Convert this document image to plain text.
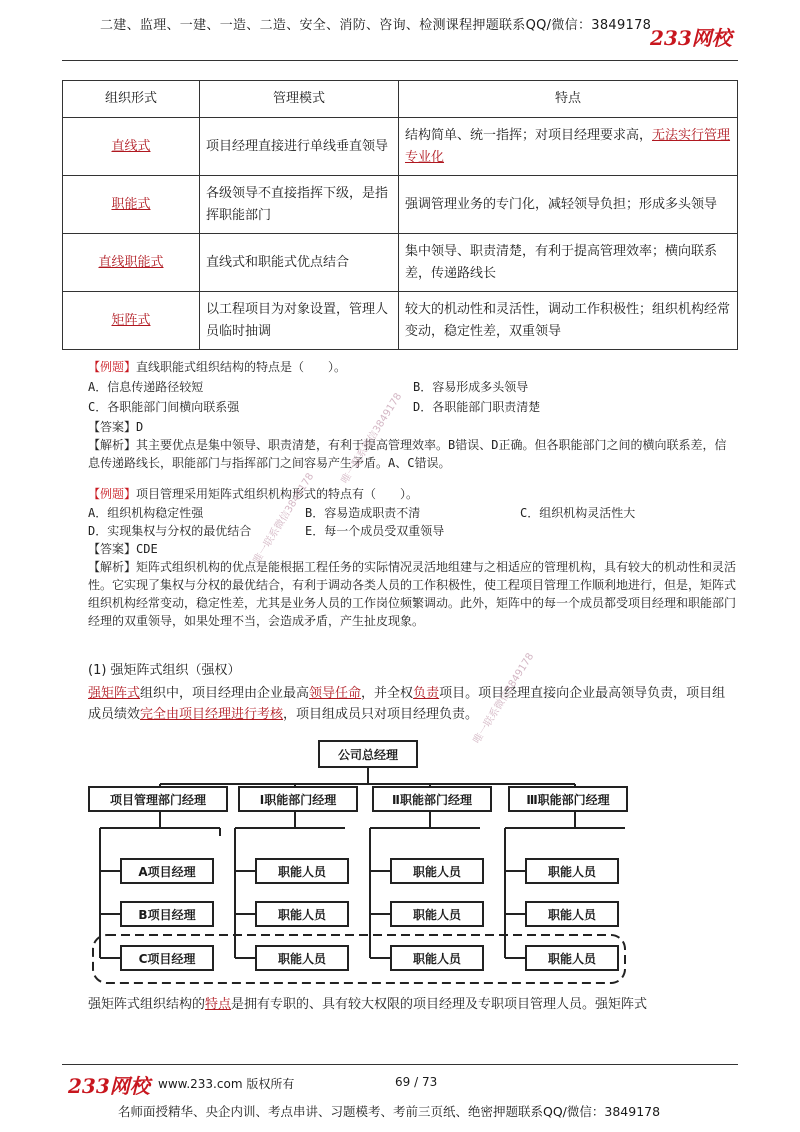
二建、监理、一建、一造、二造、安全、消防、咨询、检测课程押题联系QQ/微信：3849178
233网校
组织形式	管理模式	特点
直线式	项目经理直接进行单线垂直领导	结构简单、统一指挥；对项目经理要求高，无法实行管理专业化
职能式	各级领导不直接指挥下级，是指挥职能部门	强调管理业务的专门化，减轻领导负担；形成多头领导
直线职能式	直线式和职能式优点结合	集中领导、职责清楚，有利于提高管理效率；横向联系差，传递路线长
矩阵式	以工程项目为对象设置，管理人员临时抽调	较大的机动性和灵活性，调动工作积极性；组织机构经常变动，稳定性差，双重领导
【例题】直线职能式组织结构的特点是（　　）。
A．信息传递路径较短	B．容易形成多头领导
C．各职能部门间横向联系强	D．各职能部门职责清楚
【答案】D
【解析】其主要优点是集中领导、职责清楚，有利于提高管理效率。B错误、D正确。但各职能部门之间的横向联系差，信息传递路线长，职能部门与指挥部门之间容易产生矛盾。A、C错误。
【例题】项目管理采用矩阵式组织机构形式的特点有（　　）。
A．组织机构稳定性强	B．容易造成职责不清	C．组织机构灵活性大
D．实现集权与分权的最优结合	E．每一个成员受双重领导
【答案】CDE
【解析】矩阵式组织机构的优点是能根据工程任务的实际情况灵活地组建与之相适应的管理机构，具有较大的机动性和灵活性。它实现了集权与分权的最优结合，有利于调动各类人员的工作积极性，使工程项目管理工作顺利地进行，但是，矩阵式组织机构经常变动，稳定性差，尤其是业务人员的工作岗位频繁调动。此外，矩阵中的每一个成员都受项目经理和职能部门经理的双重领导，如果处理不当，会造成矛盾，产生扯皮现象。
(1) 强矩阵式组织（强权）
强矩阵式组织中，项目经理由企业最高领导任命，并全权负责项目。项目经理直接向企业最高领导负责，项目组成员绩效完全由项目经理进行考核，项目组成员只对项目经理负责。
公司总经理
项目管理部门经理	Ⅰ职能部门经理	Ⅱ职能部门经理	Ⅲ职能部门经理
A项目经理
B项目经理
C项目经理
职能人员
职能人员
职能人员
职能人员
职能人员
职能人员
职能人员
职能人员
职能人员
强矩阵式组织结构的特点是拥有专职的、具有较大权限的项目经理及专职项目管理人员。强矩阵式
唯一联系微信3849178
唯一联系微信3849178
唯一联系微信3849178
233网校 www.233.com 版权所有	69 / 73
名师面授精华、央企内训、考点串讲、习题模考、考前三页纸、绝密押题联系QQ/微信：3849178
